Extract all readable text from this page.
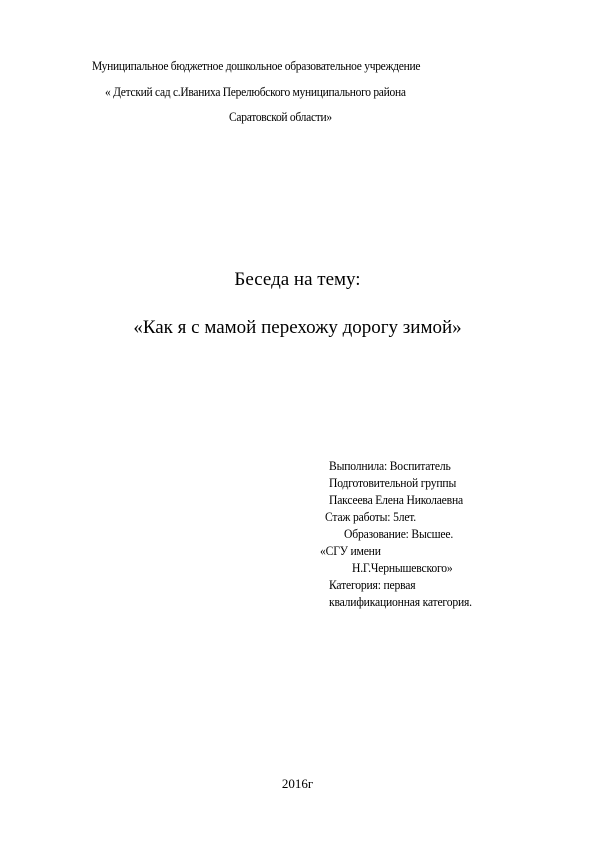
Муниципальное бюджетное дошкольное образовательное учреждение
« Детский сад с.Иваниха Перелюбского муниципального района
Саратовской области»
Беседа на тему:
«Как я с мамой перехожу дорогу зимой»
Выполнила: Воспитатель
Подготовительной группы
Паксеева Елена Николаевна
Стаж работы: 5лет.
Образование: Высшее.
«СГУ имени
Н.Г.Чернышевского»
Категория: первая
квалификационная категория.
2016г
